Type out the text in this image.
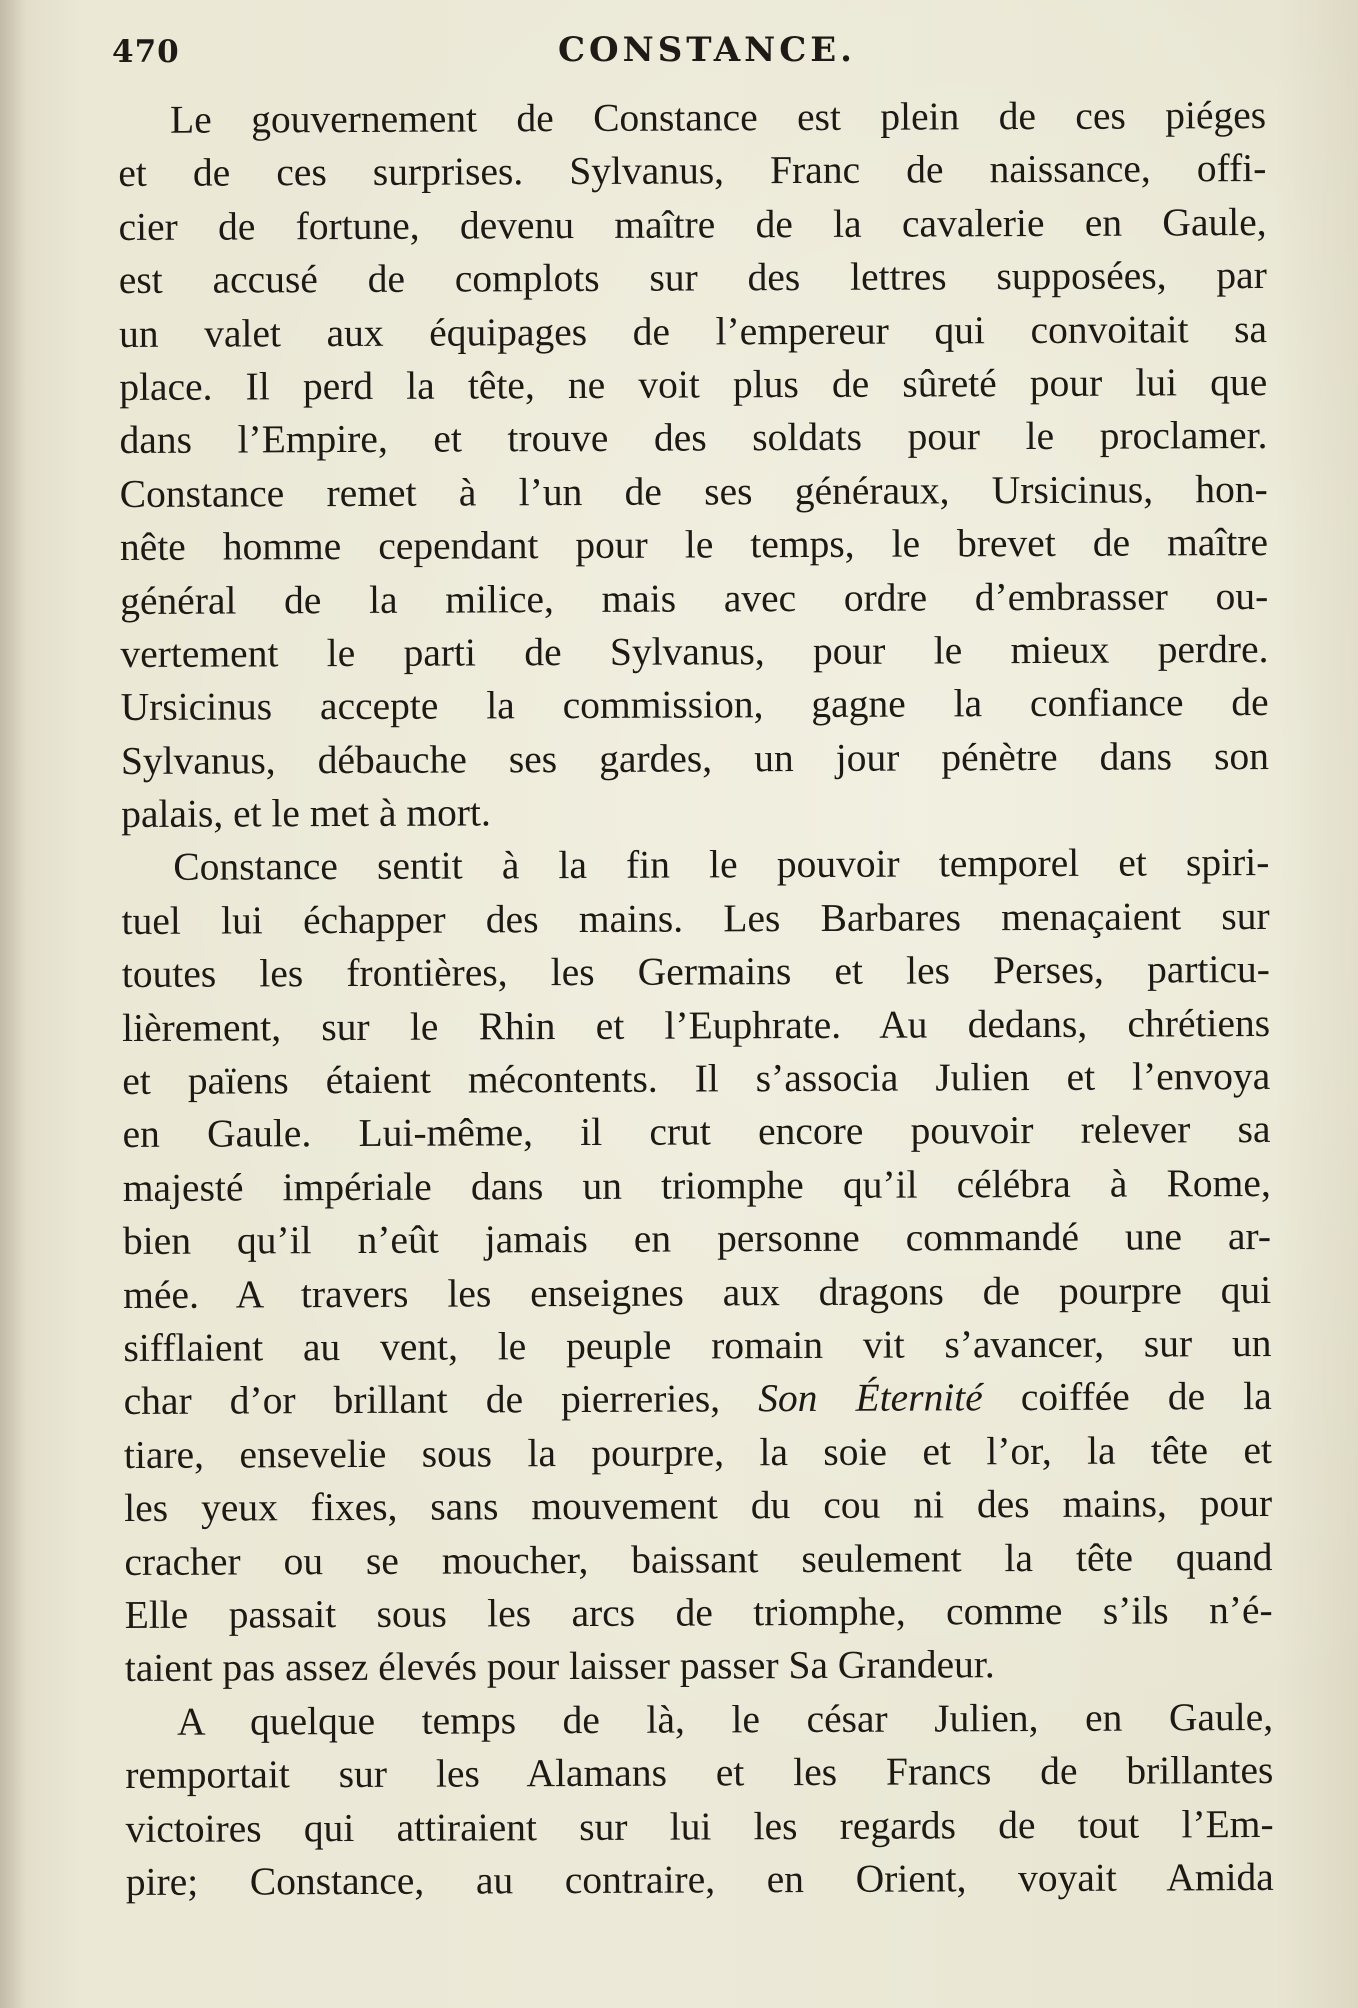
470	CONSTANCE.
Le gouvernement de Constance est plein de ces piéges
et de ces surprises. Sylvanus, Franc de naissance, offi-
cier de fortune, devenu maître de la cavalerie en Gaule,
est accusé de complots sur des lettres supposées, par
un valet aux équipages de l’empereur qui convoitait sa
place. Il perd la tête, ne voit plus de sûreté pour lui que
dans l’Empire, et trouve des soldats pour le proclamer.
Constance remet à l’un de ses généraux, Ursicinus, hon-
nête homme cependant pour le temps, le brevet de maître
général de la milice, mais avec ordre d’embrasser ou-
vertement le parti de Sylvanus, pour le mieux perdre.
Ursicinus accepte la commission, gagne la confiance de
Sylvanus, débauche ses gardes, un jour pénètre dans son
palais, et le met à mort.
Constance sentit à la fin le pouvoir temporel et spiri-
tuel lui échapper des mains. Les Barbares menaçaient sur
toutes les frontières, les Germains et les Perses, particu-
lièrement, sur le Rhin et l’Euphrate. Au dedans, chrétiens
et païens étaient mécontents. Il s’associa Julien et l’envoya
en Gaule. Lui-même, il crut encore pouvoir relever sa
majesté impériale dans un triomphe qu’il célébra à Rome,
bien qu’il n’eût jamais en personne commandé une ar-
mée. A travers les enseignes aux dragons de pourpre qui
sifflaient au vent, le peuple romain vit s’avancer, sur un
char d’or brillant de pierreries, Son Éternité coiffée de la
tiare, ensevelie sous la pourpre, la soie et l’or, la tête et
les yeux fixes, sans mouvement du cou ni des mains, pour
cracher ou se moucher, baissant seulement la tête quand
Elle passait sous les arcs de triomphe, comme s’ils n’é-
taient pas assez élevés pour laisser passer Sa Grandeur.
A quelque temps de là, le césar Julien, en Gaule,
remportait sur les Alamans et les Francs de brillantes
victoires qui attiraient sur lui les regards de tout l’Em-
pire; Constance, au contraire, en Orient, voyait Amida
